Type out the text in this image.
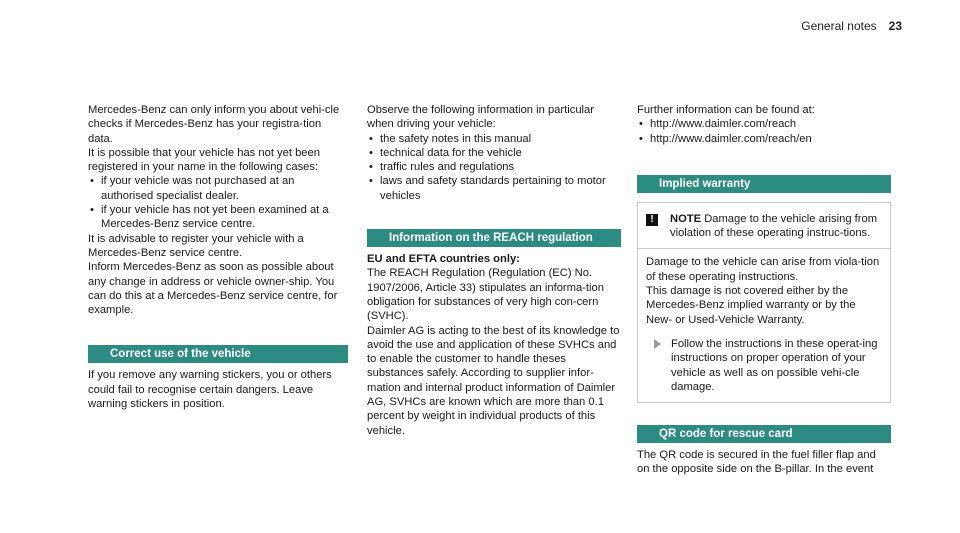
General notes 23

Mercedes-Benz can only inform you about vehi-cle checks if Mercedes-Benz has your registra-tion data.

It is possible that your vehicle has not yet been registered in your name in the following cases:

• if your vehicle was not purchased at an authorised specialist dealer.
• if your vehicle has not yet been examined at a Mercedes-Benz service centre.

It is advisable to register your vehicle with a Mercedes-Benz service centre.

Inform Mercedes-Benz as soon as possible about any change in address or vehicle owner-ship. You can do this at a Mercedes-Benz service centre, for example.

Correct use of the vehicle

If you remove any warning stickers, you or others could fail to recognise certain dangers. Leave warning stickers in position.

Observe the following information in particular when driving your vehicle:

• the safety notes in this manual
• technical data for the vehicle
• traffic rules and regulations
• laws and safety standards pertaining to motor vehicles
Information on the REACH regulation

EU and EFTA countries only:

The REACH Regulation (Regulation (EC) No. 1907/2006, Article 33) stipulates an informa-tion obligation for substances of very high con-cern (SVHC).

Daimler AG is acting to the best of its knowledge to avoid the use and application of these SVHCs and to enable the customer to handle theses substances safely. According to supplier infor-mation and internal product information of Daimler AG, SVHCs are known which are more than 0.1 percent by weight in individual products of this vehicle.

Further information can be found at:

• http://www.daimler.com/reach
• http://www.daimler.com/reach/en
Implied warranty
!	NOTE Damage to the vehicle arising from violation of these operating instruc-tions.

Damage to the vehicle can arise from viola-tion of these operating instructions.

This damage is not covered either by the Mercedes-Benz implied warranty or by the New- or Used-Vehicle Warranty.

Follow the instructions in these operat-ing instructions on proper operation of your vehicle as well as on possible vehi-cle damage.

QR code for rescue card

The QR code is secured in the fuel filler flap and on the opposite side on the B-pillar. In the event
